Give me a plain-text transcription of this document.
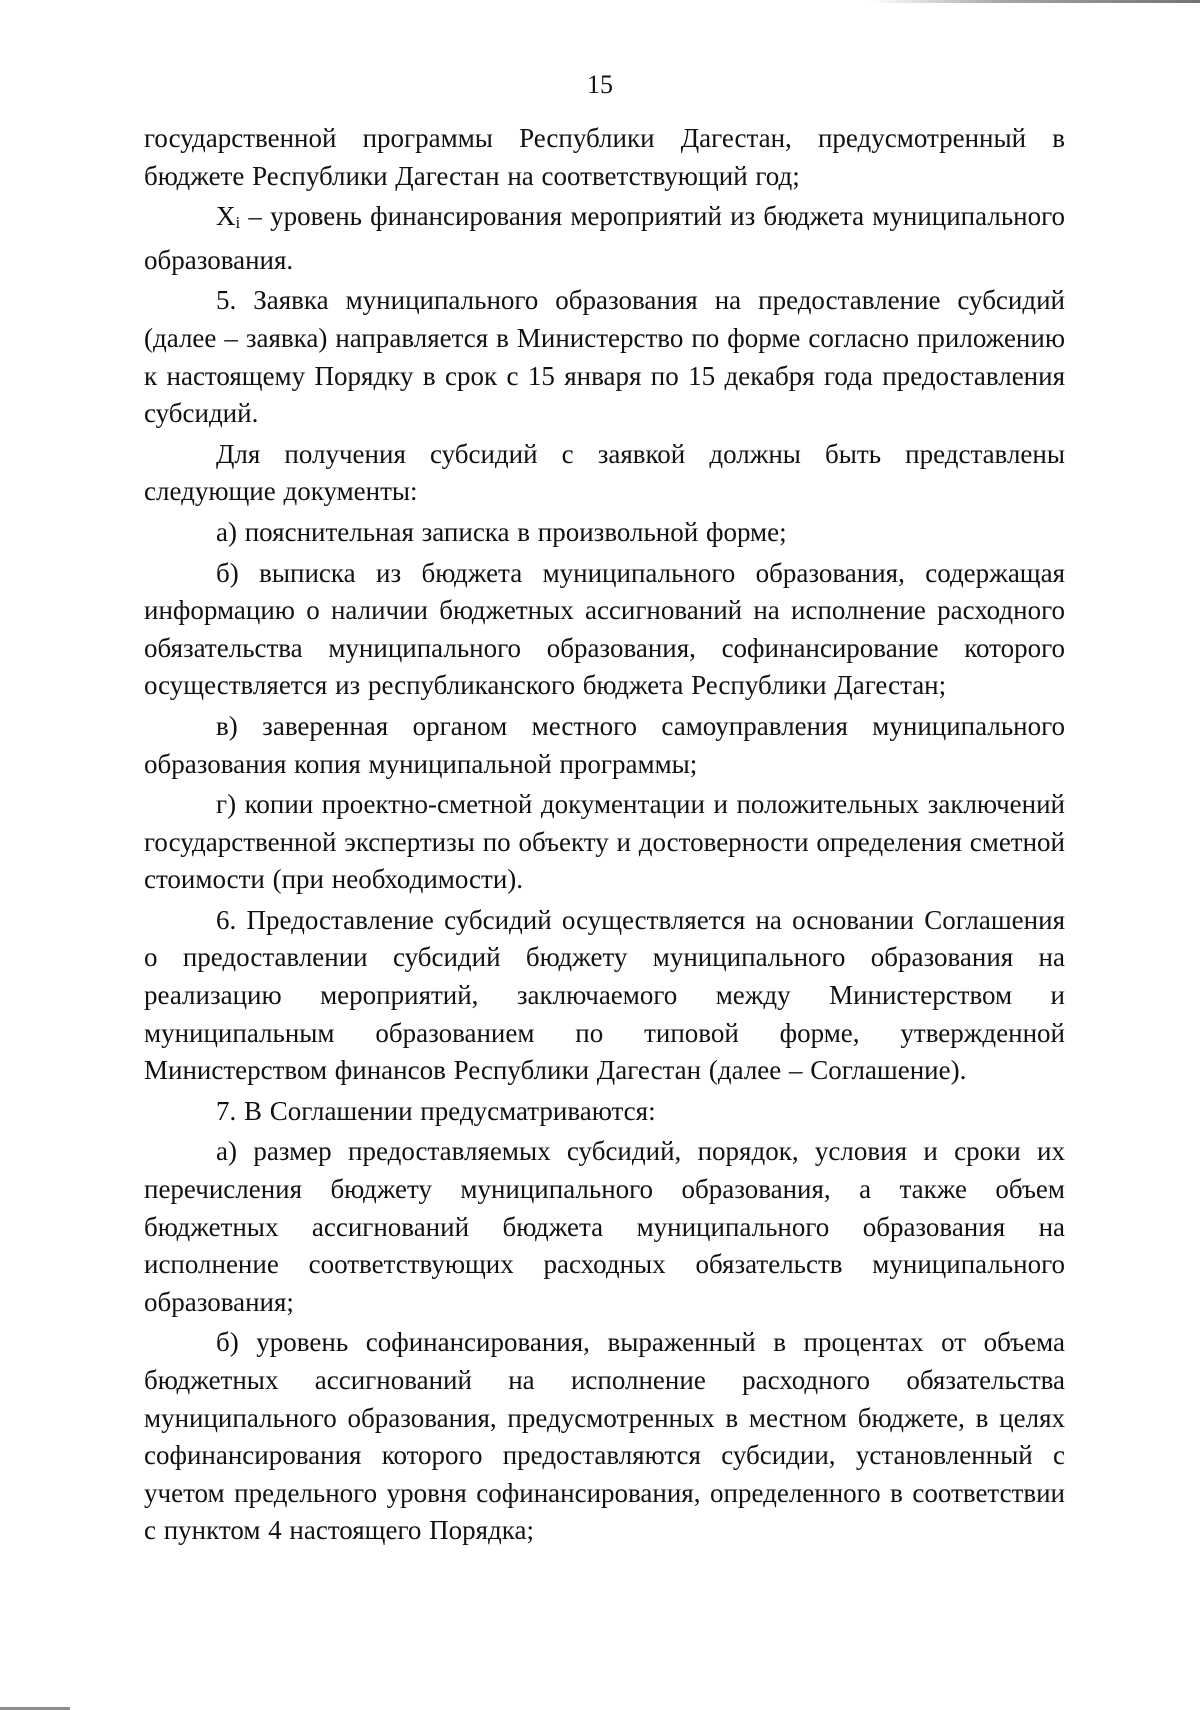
15

государственной программы Республики Дагестан, предусмотренный в бюджете Республики Дагестан на соответствующий год;

Xi – уровень финансирования мероприятий из бюджета муниципального образования.

5. Заявка муниципального образования на предоставление субсидий (далее – заявка) направляется в Министерство по форме согласно приложению к настоящему Порядку в срок с 15 января по 15 декабря года предоставления субсидий.

Для получения субсидий с заявкой должны быть представлены следующие документы:

а) пояснительная записка в произвольной форме;

б) выписка из бюджета муниципального образования, содержащая информацию о наличии бюджетных ассигнований на исполнение расходного обязательства муниципального образования, софинансирование которого осуществляется из республиканского бюджета Республики Дагестан;

в) заверенная органом местного самоуправления муниципального образования копия муниципальной программы;

г) копии проектно-сметной документации и положительных заключений государственной экспертизы по объекту и достоверности определения сметной стоимости (при необходимости).

6. Предоставление субсидий осуществляется на основании Соглашения о предоставлении субсидий бюджету муниципального образования на реализацию мероприятий, заключаемого между Министерством и муниципальным образованием по типовой форме, утвержденной Министерством финансов Республики Дагестан (далее – Соглашение).

7. В Соглашении предусматриваются:

а) размер предоставляемых субсидий, порядок, условия и сроки их перечисления бюджету муниципального образования, а также объем бюджетных ассигнований бюджета муниципального образования на исполнение соответствующих расходных обязательств муниципального образования;

б) уровень софинансирования, выраженный в процентах от объема бюджетных ассигнований на исполнение расходного обязательства муниципального образования, предусмотренных в местном бюджете, в целях софинансирования которого предоставляются субсидии, установленный с учетом предельного уровня софинансирования, определенного в соответствии с пунктом 4 настоящего Порядка;
